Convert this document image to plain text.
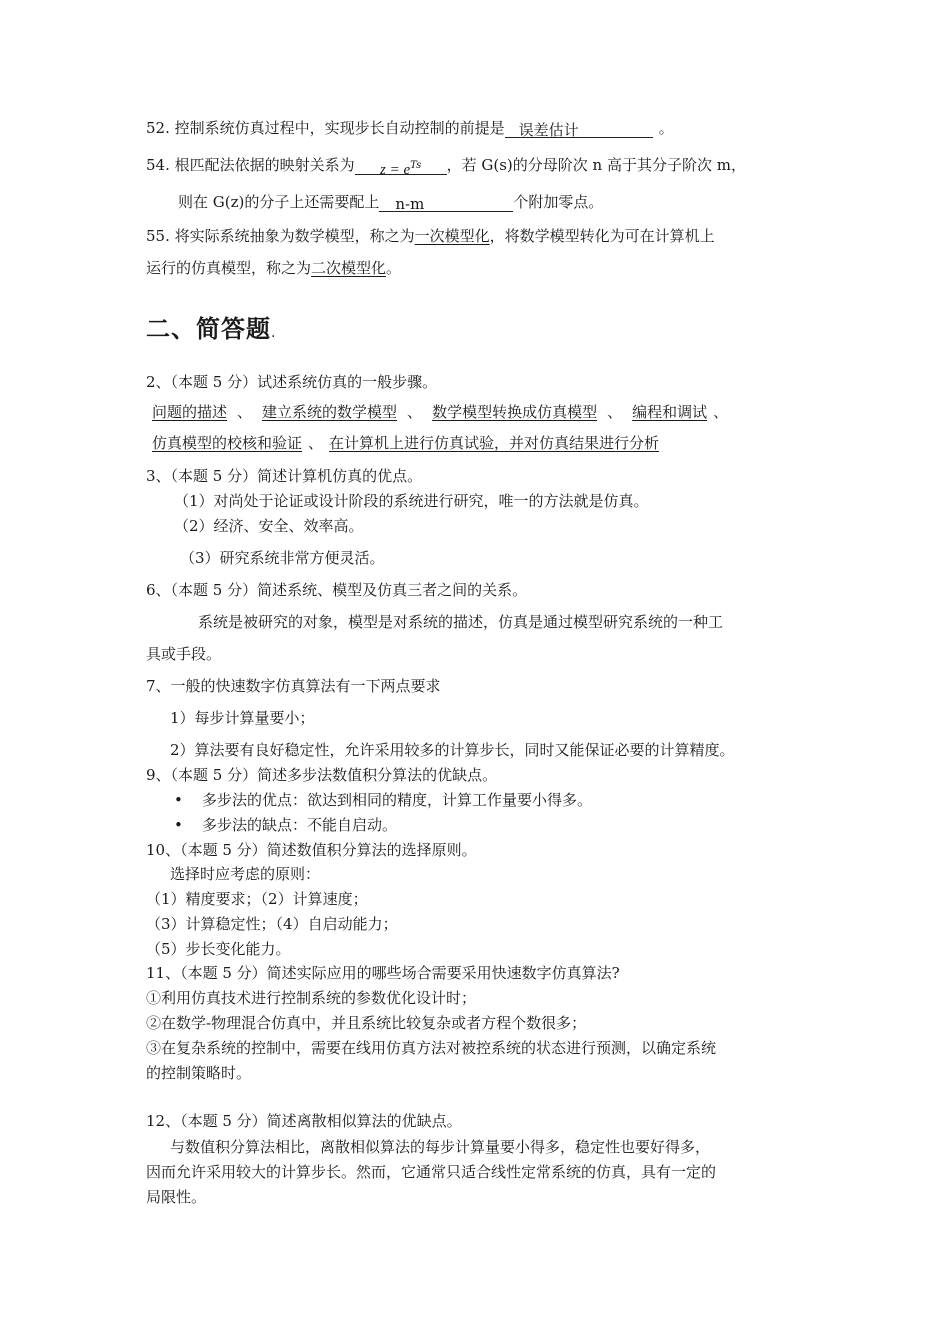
52. 控制系统仿真过程中，实现步长自动控制的前提是 误差估计	。
54. 根匹配法依据的映射关系为 $z = e^{Ts}$ ，若 G(s)的分母阶次 n 高于其分子阶次 m，
则在 G(z)的分子上还需要配上 n-m	个附加零点。
55. 将实际系统抽象为数学模型，称之为一次模型化，将数学模型转化为可在计算机上
运行的仿真模型，称之为二次模型化。
二、简答题.
2、（本题 5 分）试述系统仿真的一般步骤。
问题的描述 、 建立系统的数学模型 、 数学模型转换成仿真模型 、 编程和调试 、
仿真模型的校核和验证 、 在计算机上进行仿真试验，并对仿真结果进行分析
3、（本题 5 分）简述计算机仿真的优点。
（1）对尚处于论证或设计阶段的系统进行研究，唯一的方法就是仿真。
（2）经济、安全、效率高。
（3）研究系统非常方便灵活。
6、（本题 5 分）简述系统、模型及仿真三者之间的关系。
系统是被研究的对象，模型是对系统的描述，仿真是通过模型研究系统的一种工
具或手段。
7、一般的快速数字仿真算法有一下两点要求
1）每步计算量要小；
2）算法要有良好稳定性，允许采用较多的计算步长，同时又能保证必要的计算精度。
9、（本题 5 分）简述多步法数值积分算法的优缺点。
• 多步法的优点：欲达到相同的精度，计算工作量要小得多。
• 多步法的缺点：不能自启动。
10、（本题 5 分）简述数值积分算法的选择原则。
选择时应考虑的原则：
（1）精度要求；（2）计算速度；
（3）计算稳定性；（4）自启动能力；
（5）步长变化能力。
11、（本题 5 分）简述实际应用的哪些场合需要采用快速数字仿真算法?
①利用仿真技术进行控制系统的参数优化设计时；
②在数学-物理混合仿真中，并且系统比较复杂或者方程个数很多；
③在复杂系统的控制中，需要在线用仿真方法对被控系统的状态进行预测，以确定系统
的控制策略时。
12、（本题 5 分）简述离散相似算法的优缺点。
与数值积分算法相比，离散相似算法的每步计算量要小得多，稳定性也要好得多，
因而允许采用较大的计算步长。然而，它通常只适合线性定常系统的仿真，具有一定的
局限性。
